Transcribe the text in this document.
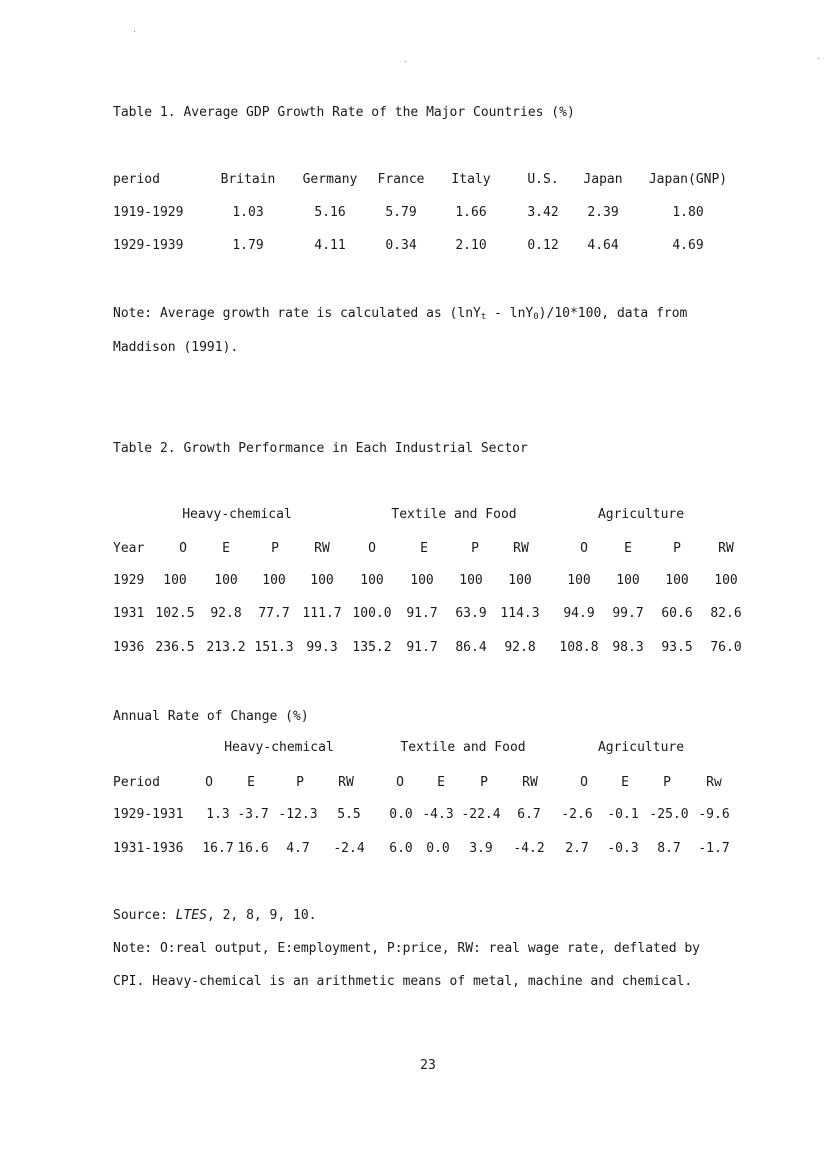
Table 1. Average GDP Growth Rate of the Major Countries (%)
period	Britain Germany France Italy	U.S. Japan Japan(GNP)
1919-1929	1.03	5.16	5.79	1.66	3.42 2.39	1.80
1929-1939	1.79	4.11	0.34	2.10	0.12 4.64	4.69
Note: Average growth rate is calculated as (lnY$_t$ - lnY$_0$)/10*100, data from
Maddison (1991).
Table 2. Growth Performance in Each Industrial Sector
Heavy-chemical	Textile and Food	Agriculture
Year	O	E	P	RW	O	E	P	RW	O	E	P	RW
1929 100 100 100 100 100 100 100 100	100 100 100 100
1931 102.5 92.8 77.7 111.7 100.0 91.7 63.9 114.3 94.9 99.7 60.6 82.6
1936 236.5 213.2 151.3 99.3 135.2 91.7 86.4 92.8 108.8 98.3 93.5 76.0
Annual Rate of Change (%)
Heavy-chemical	Textile and Food	Agriculture
Period	O	E	P	RW	O	E	P	RW	O	E	P	Rw
1929-1931 1.3 -3.7 -12.3 5.5 0.0 -4.3 -22.4 6.7 -2.6 -0.1 -25.0 -9.6
1931-1936 16.7 16.6 4.7 -2.4 6.0 0.0 3.9 -4.2 2.7 -0.3 8.7 -1.7
Source: LTES, 2, 8, 9, 10.
Note: O:real output, E:employment, P:price, RW: real wage rate, deflated by
CPI. Heavy-chemical is an arithmetic means of metal, machine and chemical.
23
